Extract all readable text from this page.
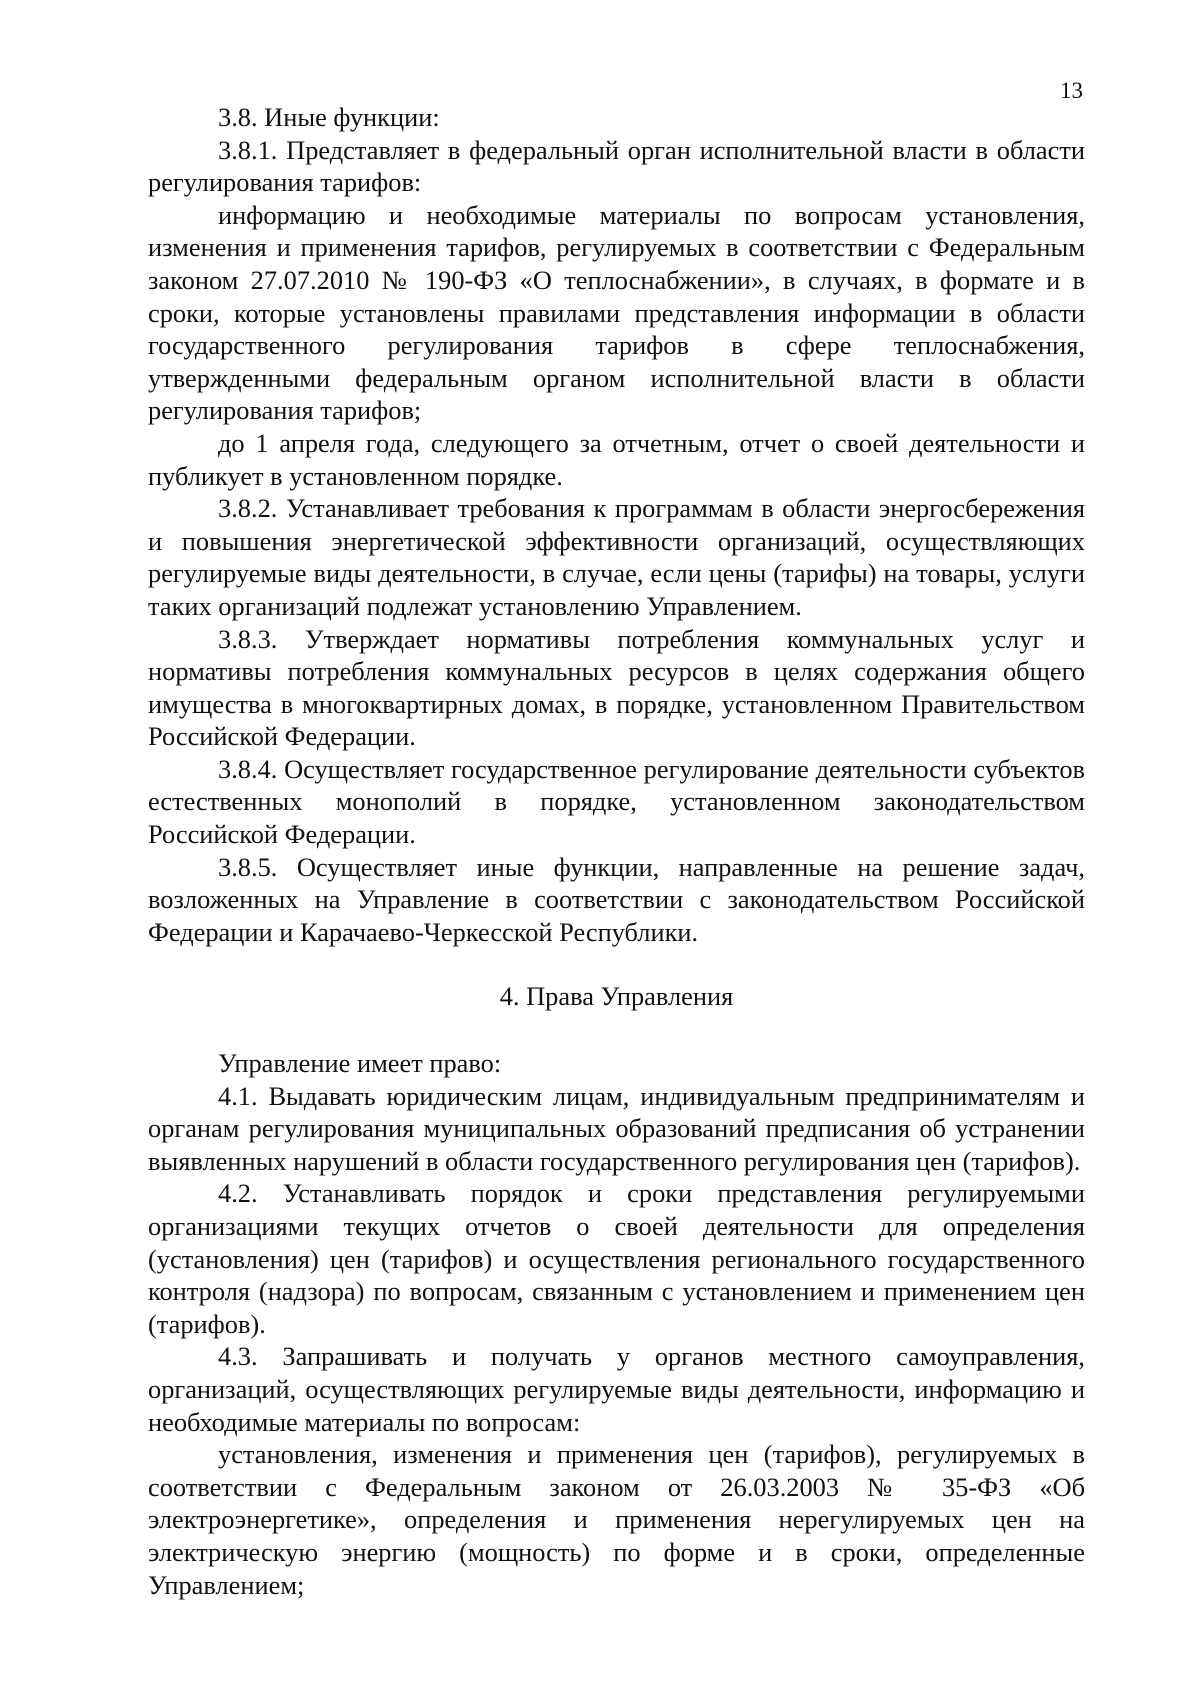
13

3.8. Иные функции:

3.8.1. Представляет в федеральный орган исполнительной власти в области регулирования тарифов:

информацию и необходимые материалы по вопросам установления, изменения и применения тарифов, регулируемых в соответствии с Федеральным законом 27.07.2010 № 190-ФЗ «О теплоснабжении», в случаях, в формате и в сроки, которые установлены правилами представления информации в области государственного регулирования тарифов в сфере теплоснабжения, утвержденными федеральным органом исполнительной власти в области регулирования тарифов;

до 1 апреля года, следующего за отчетным, отчет о своей деятельности и публикует в установленном порядке.

3.8.2. Устанавливает требования к программам в области энергосбережения и повышения энергетической эффективности организаций, осуществляющих регулируемые виды деятельности, в случае, если цены (тарифы) на товары, услуги таких организаций подлежат установлению Управлением.

3.8.3. Утверждает нормативы потребления коммунальных услуг и нормативы потребления коммунальных ресурсов в целях содержания общего имущества в многоквартирных домах, в порядке, установленном Правительством Российской Федерации.

3.8.4. Осуществляет государственное регулирование деятельности субъектов естественных монополий в порядке, установленном законодательством Российской Федерации.

3.8.5. Осуществляет иные функции, направленные на решение задач, возложенных на Управление в соответствии с законодательством Российской Федерации и Карачаево-Черкесской Республики.

4. Права Управления

Управление имеет право:

4.1. Выдавать юридическим лицам, индивидуальным предпринимателям и органам регулирования муниципальных образований предписания об устранении выявленных нарушений в области государственного регулирования цен (тарифов).

4.2. Устанавливать порядок и сроки представления регулируемыми организациями текущих отчетов о своей деятельности для определения (установления) цен (тарифов) и осуществления регионального государственного контроля (надзора) по вопросам, связанным с установлением и применением цен (тарифов).

4.3. Запрашивать и получать у органов местного самоуправления, организаций, осуществляющих регулируемые виды деятельности, информацию и необходимые материалы по вопросам:

установления, изменения и применения цен (тарифов), регулируемых в соответствии с Федеральным законом от 26.03.2003 № 35-ФЗ «Об электроэнергетике», определения и применения нерегулируемых цен на электрическую энергию (мощность) по форме и в сроки, определенные Управлением;
